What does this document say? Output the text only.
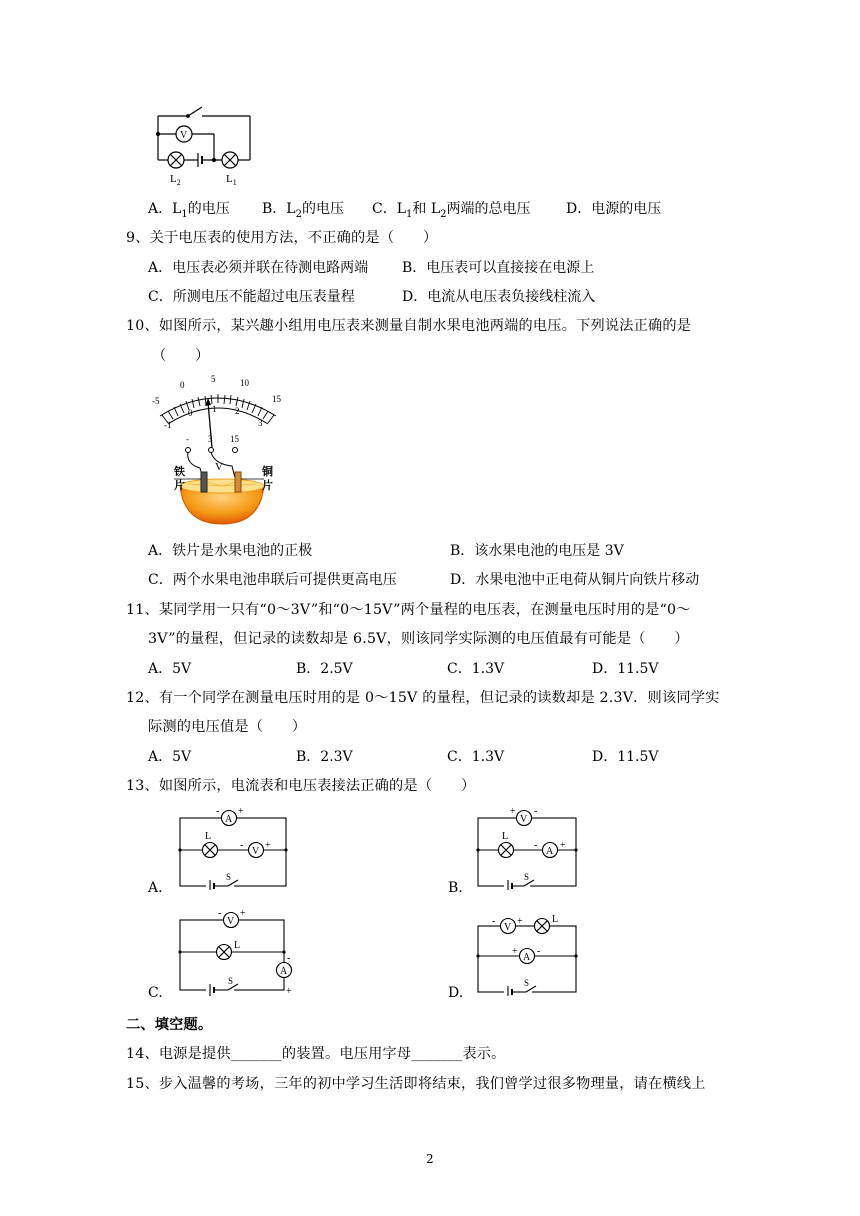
V
$L_2$	$L_1$
A．$L_1$的电压 B．$L_2$的电压 C．$L_1$和 $L_2$两端的总电压	D．电源的电压
9、关于电压表的使用方法，不正确的是（　　）
A．电压表必须并联在待测电路两端 B．电压表可以直接接在电源上
C．所测电压不能超过电压表量程	D．电流从电压表负接线柱流入
10、如图所示，某兴趣小组用电压表来测量自制水果电池两端的电压。下列说法正确的是
（　　）
-5
0
5	10
15
-1
0 1 2
3
- 3 15
V
铁
片
铜
片
A．铁片是水果电池的正极	B．该水果电池的电压是 3V
C．两个水果电池串联后可提供更高电压	D．水果电池中正电荷从铜片向铁片移动
11、某同学用一只有“0～3V”和“0～15V”两个量程的电压表，在测量电压时用的是“0～
3V”的量程，但记录的读数却是 6.5V，则该同学实际测的电压值最有可能是（　　）
A．5V	B．2.5V	C．1.3V	D．11.5V
12、有一个同学在测量电压时用的是 0～15V 的量程，但记录的读数却是 2.3V．则该同学实
际测的电压值是（　　）
A．5V	B．2.3V	C．1.3V	D．11.5V
13、如图所示，电流表和电压表接法正确的是（　　）
A
- +
L
V
- +
S
A.
V
+ -
L
A
- +
S
B.
V
- +
L
A
-
+
S
C.
V
- +	L
A
+ -
S
D.
二、填空题。
14、电源是提供_______的装置。电压用字母_______表示。
15、步入温馨的考场，三年的初中学习生活即将结束，我们曾学过很多物理量，请在横线上
2
